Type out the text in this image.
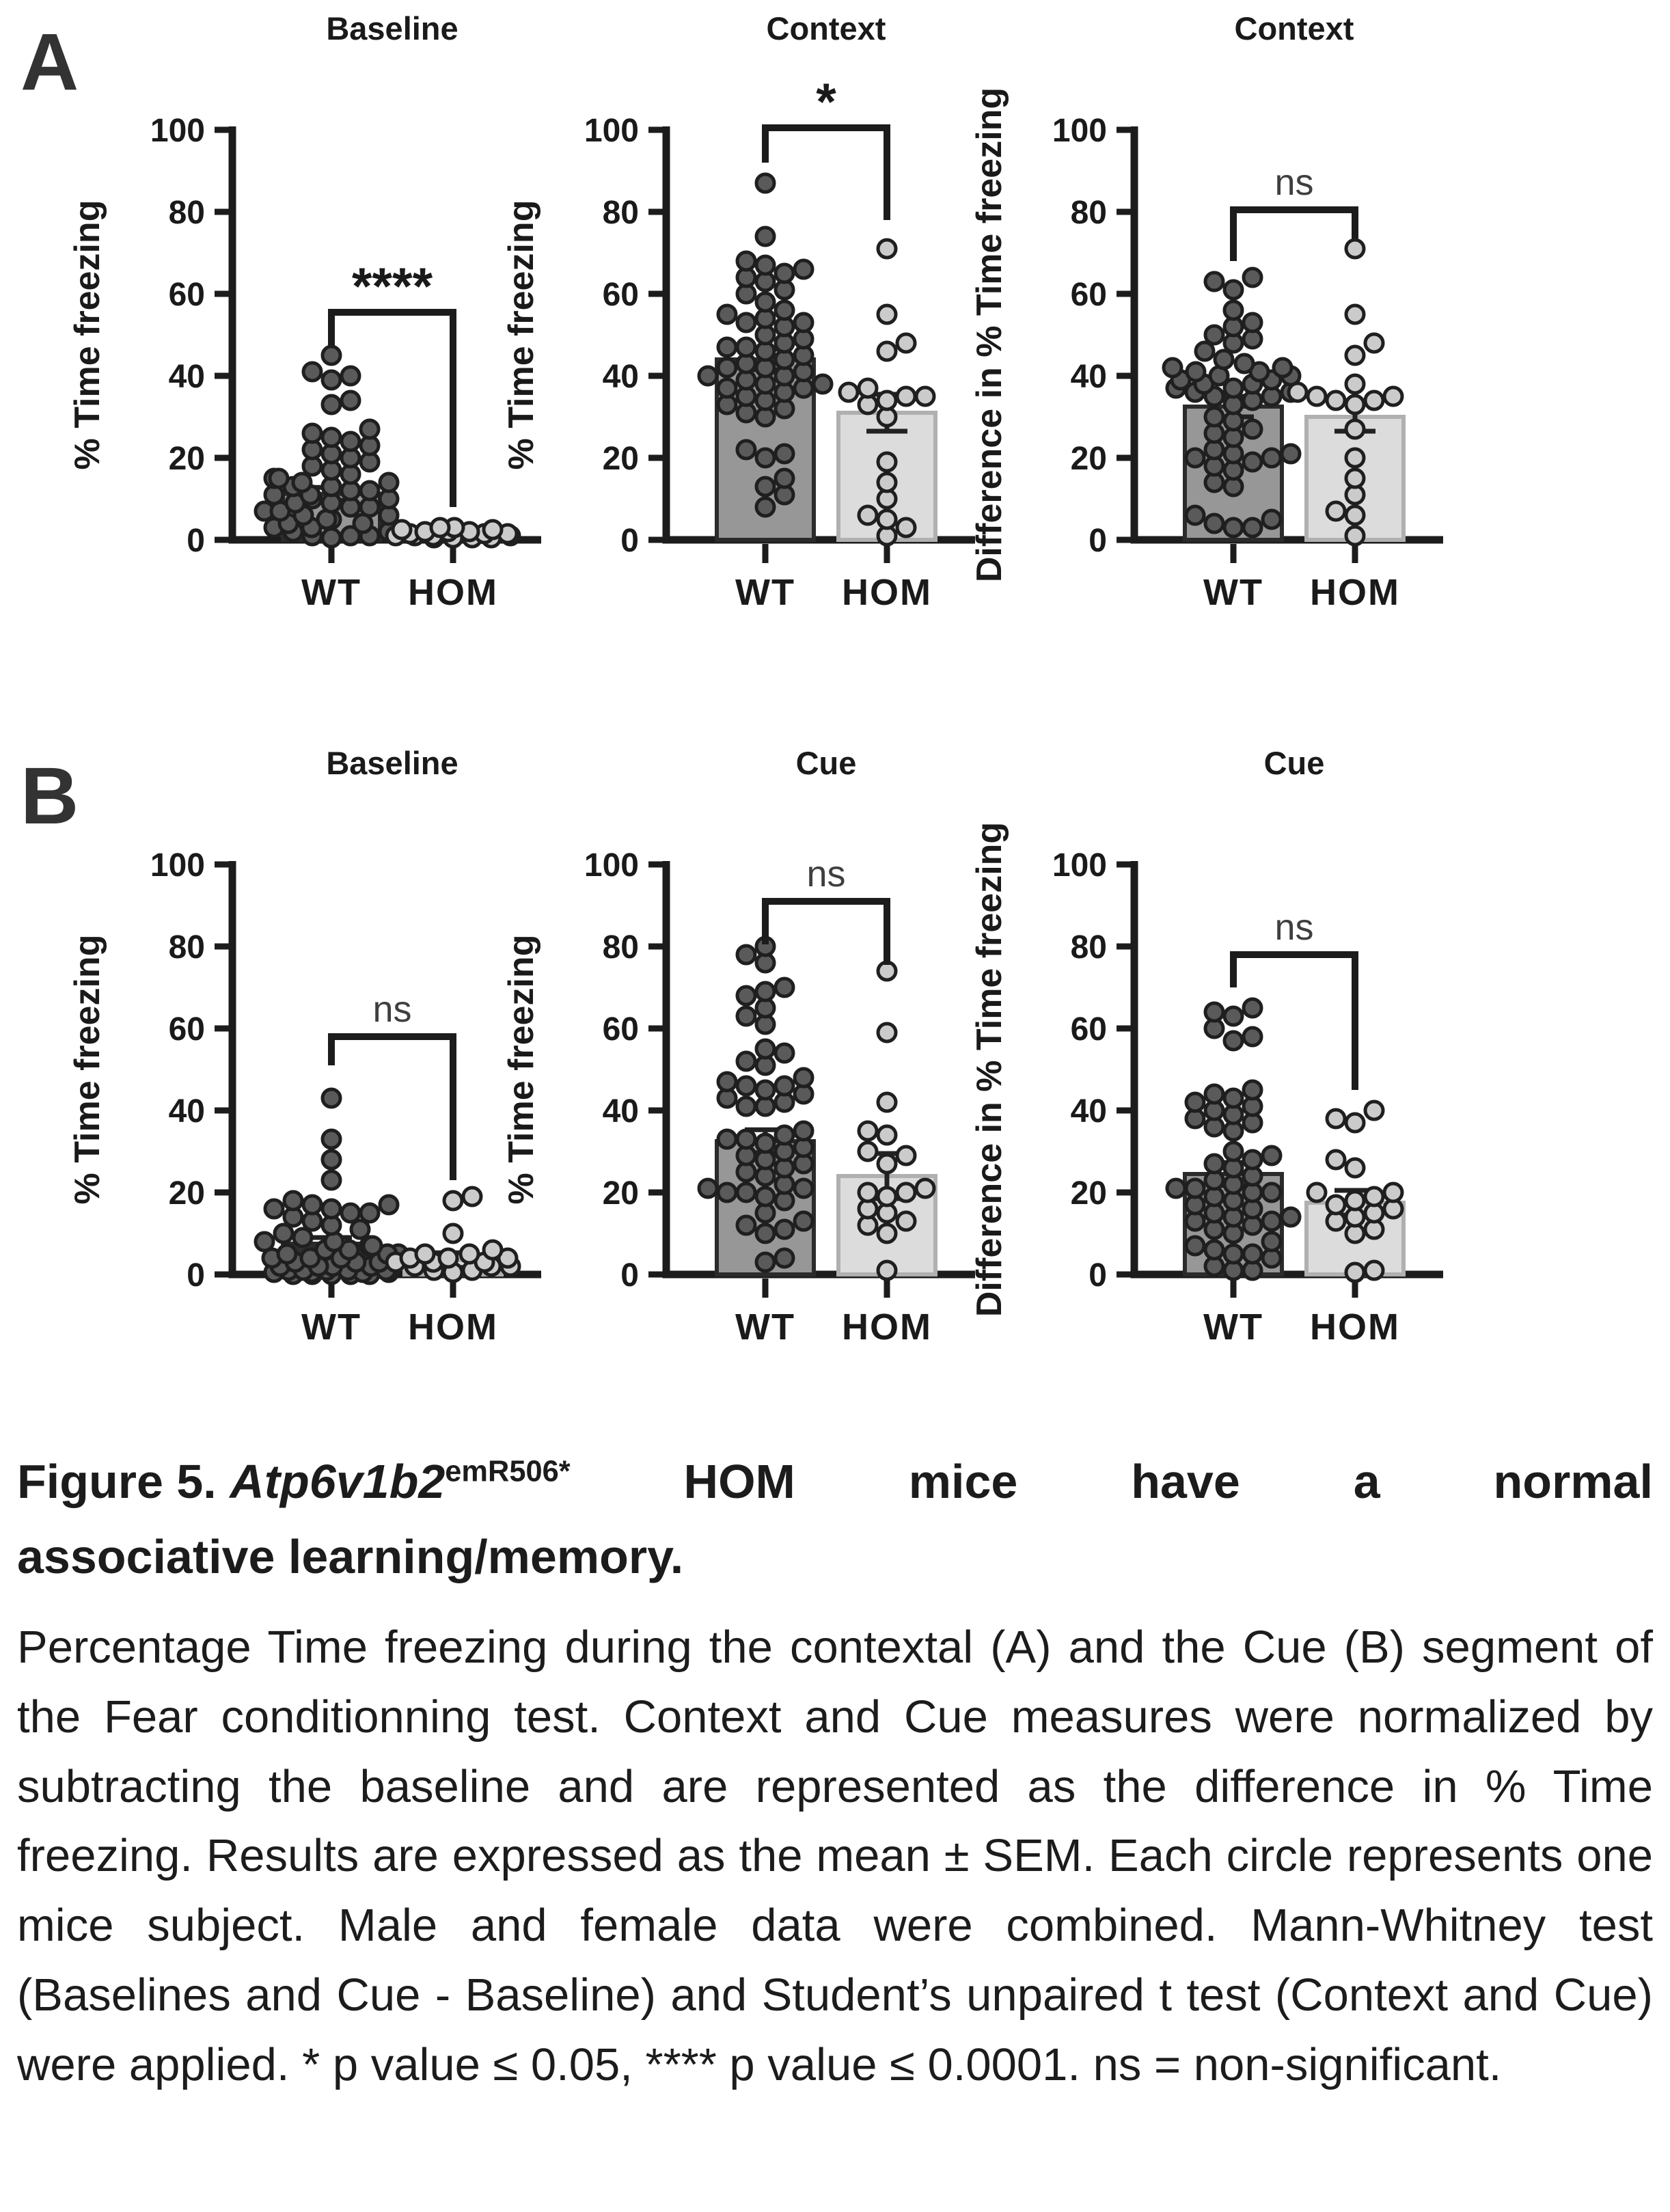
A
B
Baseline
% Time freezing
0
20
40
60
80
100
WT HOM
****
Context
% Time freezing
0
20
40
60
80
100
WT HOM
*
Context
Difference in % Time freezing 0
20
40
60
80
100
WT HOM
ns
Baseline
% Time freezing
0
20
40
60
80
100
WT HOM
ns
Cue
% Time freezing
0
20
40
60
80
100
WT HOM
ns
Cue
Difference in % Time freezing 0
20
40
60
80
100
WT HOM
ns
Figure 5. $Atp6v1b2^{emR506*}$ HOM mice have a normal
associative learning/memory.
Percentage Time freezing during the contextal (A) and the Cue (B) segment of the Fear conditionning test. Context and Cue measures were normalized by subtracting the baseline and are represented as the difference in % Time freezing. Results are expressed as the mean ± SEM. Each circle represents one mice subject. Male and female data were combined. Mann-Whitney test (Baselines and Cue - Baseline) and Student’s unpaired t test (Context and Cue) were applied. * p value ≤ 0.05, **** p value ≤ 0.0001. ns = non-significant.
